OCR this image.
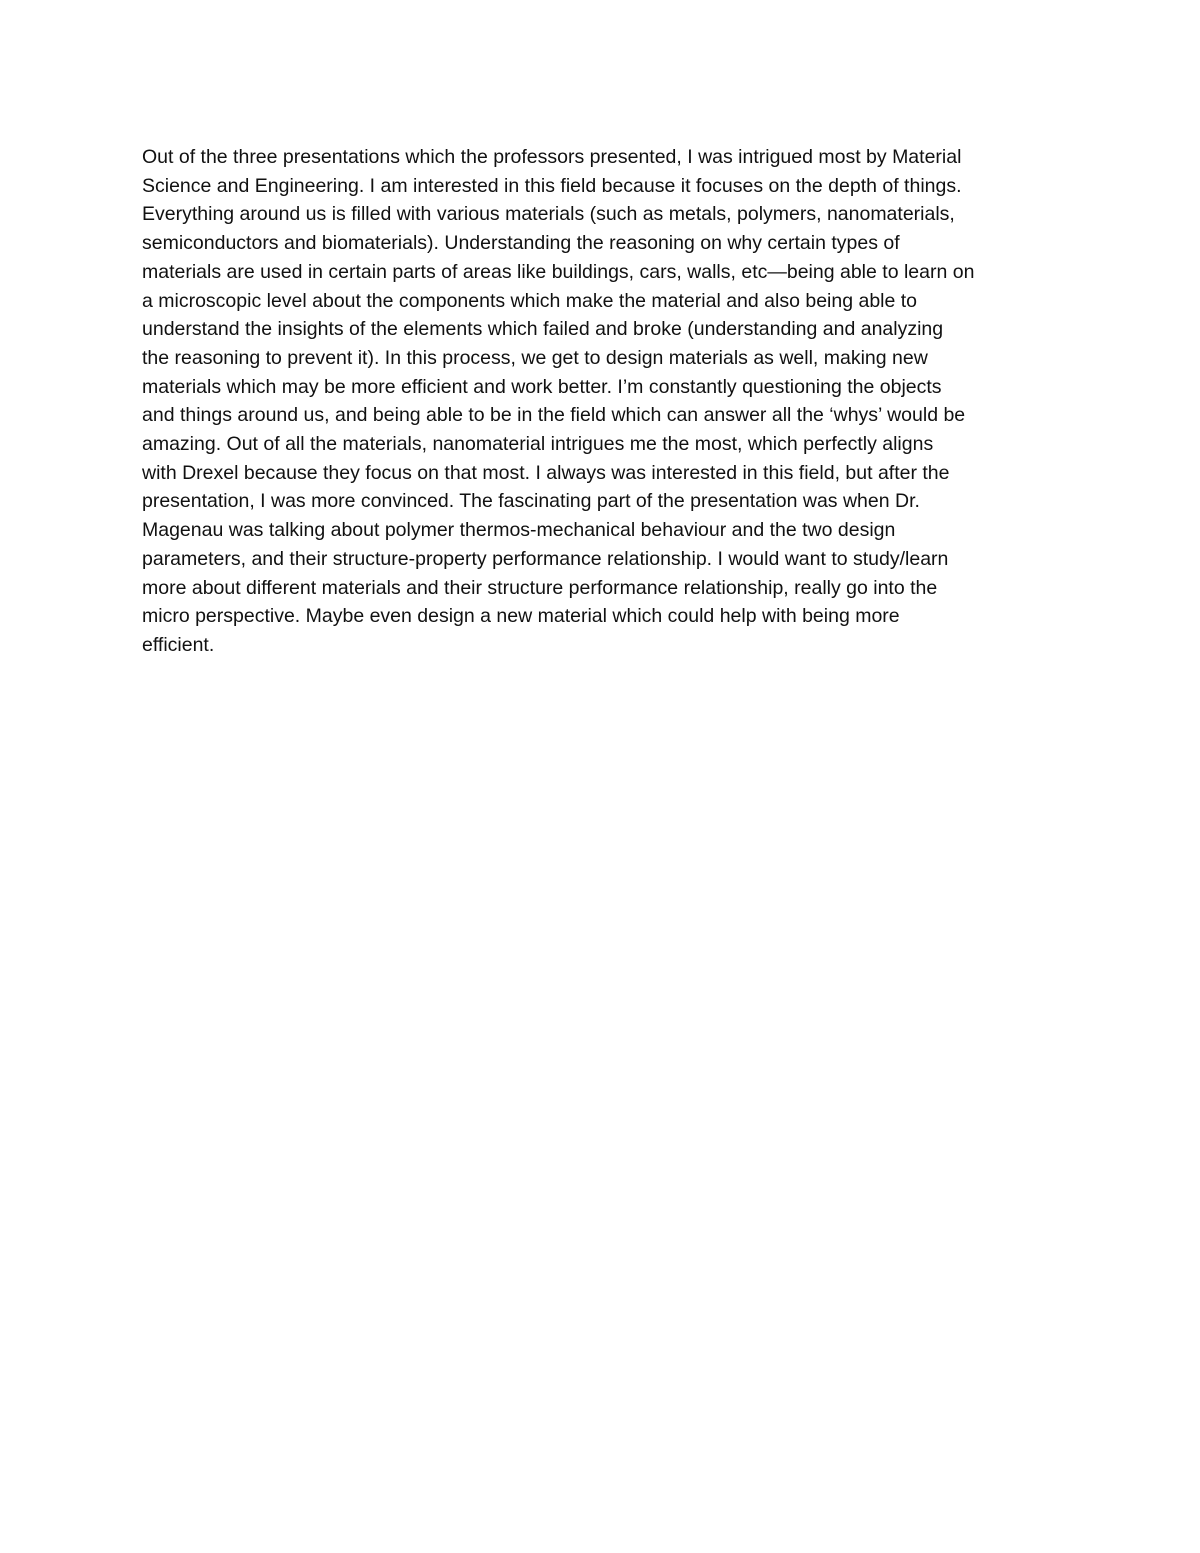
Out of the three presentations which the professors presented, I was intrigued most by Material
Science and Engineering. I am interested in this field because it focuses on the depth of things.
Everything around us is filled with various materials (such as metals, polymers, nanomaterials,
semiconductors and biomaterials). Understanding the reasoning on why certain types of
materials are used in certain parts of areas like buildings, cars, walls, etc—being able to learn on
a microscopic level about the components which make the material and also being able to
understand the insights of the elements which failed and broke (understanding and analyzing
the reasoning to prevent it). In this process, we get to design materials as well, making new
materials which may be more efficient and work better. I’m constantly questioning the objects
and things around us, and being able to be in the field which can answer all the ‘whys’ would be
amazing. Out of all the materials, nanomaterial intrigues me the most, which perfectly aligns
with Drexel because they focus on that most. I always was interested in this field, but after the
presentation, I was more convinced. The fascinating part of the presentation was when Dr.
Magenau was talking about polymer thermos-mechanical behaviour and the two design
parameters, and their structure-property performance relationship. I would want to study/learn
more about different materials and their structure performance relationship, really go into the
micro perspective. Maybe even design a new material which could help with being more
efficient.
